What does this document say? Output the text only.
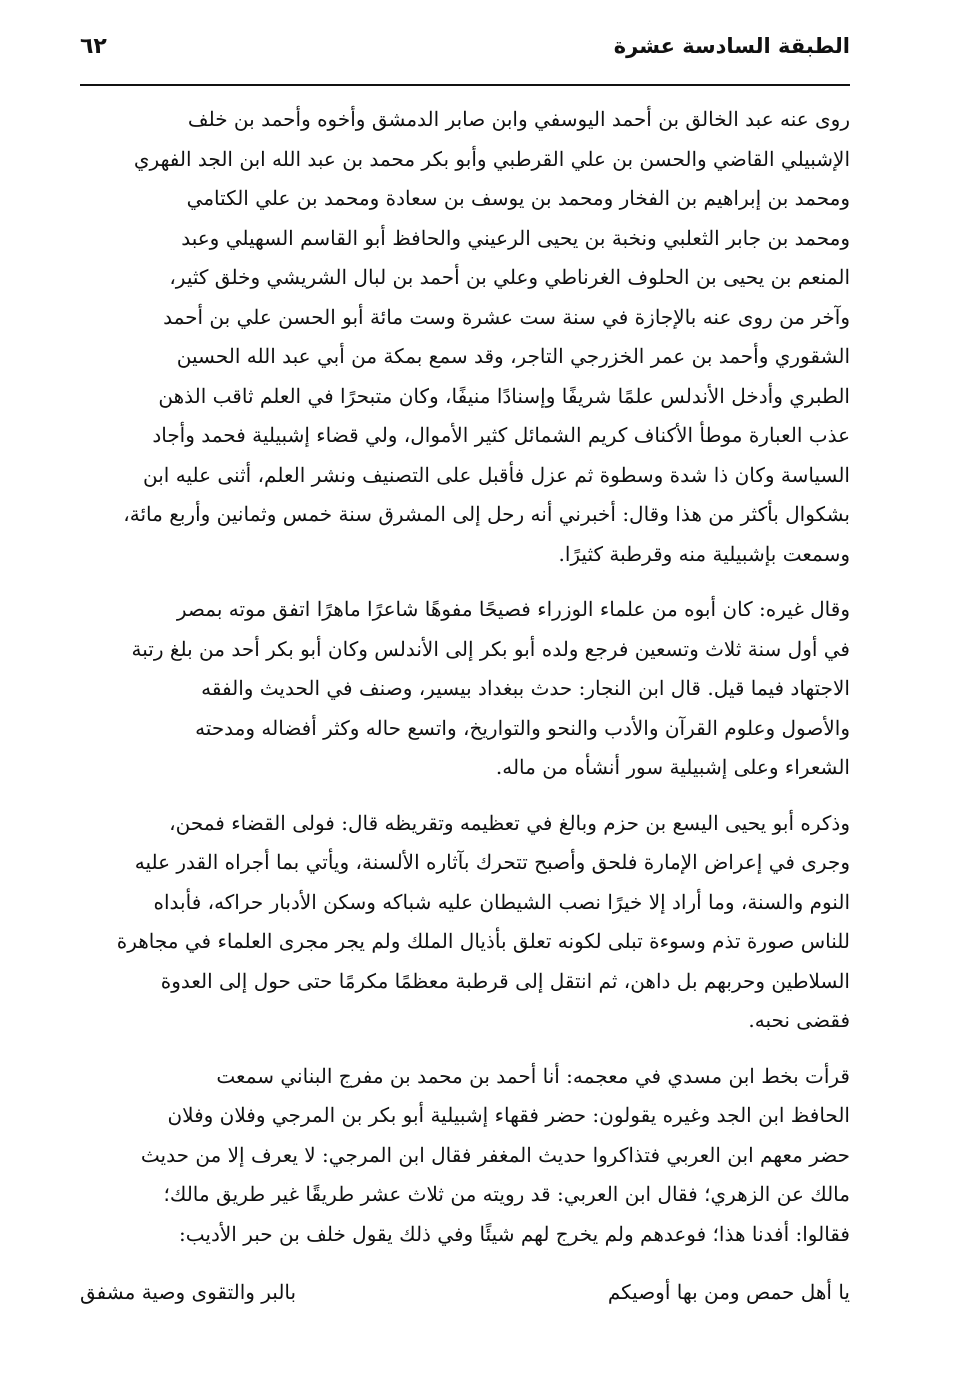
الطبقة السادسة عشرة
٦٢

روى عنه عبد الخالق بن أحمد اليوسفي وابن صابر الدمشق وأخوه وأحمد بن خلف
الإشبيلي القاضي والحسن بن علي القرطبي وأبو بكر محمد بن عبد الله ابن الجد الفهري
ومحمد بن إبراهيم بن الفخار ومحمد بن يوسف بن سعادة ومحمد بن علي الكتامي
ومحمد بن جابر الثعلبي ونخبة بن يحيى الرعيني والحافظ أبو القاسم السهيلي وعبد
المنعم بن يحيى بن الحلوف الغرناطي وعلي بن أحمد بن لبال الشريشي وخلق كثير،
وآخر من روى عنه بالإجازة في سنة ست عشرة وست مائة أبو الحسن علي بن أحمد
الشقوري وأحمد بن عمر الخزرجي التاجر، وقد سمع بمكة من أبي عبد الله الحسين
الطبري وأدخل الأندلس علمًا شريفًا وإسنادًا منيفًا، وكان متبحرًا في العلم ثاقب الذهن
عذب العبارة موطأ الأكناف كريم الشمائل كثير الأموال، ولي قضاء إشبيلية فحمد وأجاد
السياسة وكان ذا شدة وسطوة ثم عزل فأقبل على التصنيف ونشر العلم، أثنى عليه ابن
بشكوال بأكثر من هذا وقال: أخبرني أنه رحل إلى المشرق سنة خمس وثمانين وأربع مائة،
وسمعت بإشبيلية منه وقرطبة كثيرًا.

وقال غيره: كان أبوه من علماء الوزراء فصيحًا مفوهًا شاعرًا ماهرًا اتفق موته بمصر
في أول سنة ثلاث وتسعين فرجع ولده أبو بكر إلى الأندلس وكان أبو بكر أحد من بلغ رتبة
الاجتهاد فيما قيل. قال ابن النجار: حدث ببغداد بيسير، وصنف في الحديث والفقه
والأصول وعلوم القرآن والأدب والنحو والتواريخ، واتسع حاله وكثر أفضاله ومدحته
الشعراء وعلى إشبيلية سور أنشأه من ماله.

وذكره أبو يحيى اليسع بن حزم وبالغ في تعظيمه وتقريظه قال: فولى القضاء فمحن،
وجرى في إعراض الإمارة فلحق وأصبح تتحرك بآثاره الألسنة، ويأتي بما أجراه القدر عليه
النوم والسنة، وما أراد إلا خيرًا نصب الشيطان عليه شباكه وسكن الأدبار حراكه، فأبداه
للناس صورة تذم وسوءة تبلى لكونه تعلق بأذيال الملك ولم يجر مجرى العلماء في مجاهرة
السلاطين وحربهم بل داهن، ثم انتقل إلى قرطبة معظمًا مكرمًا حتى حول إلى العدوة
فقضى نحبه.

قرأت بخط ابن مسدي في معجمه: أنا أحمد بن محمد بن مفرج البناني سمعت
الحافظ ابن الجد وغيره يقولون: حضر فقهاء إشبيلية أبو بكر بن المرجي وفلان وفلان
حضر معهم ابن العربي فتذاكروا حديث المغفر فقال ابن المرجي: لا يعرف إلا من حديث
مالك عن الزهري؛ فقال ابن العربي: قد رويته من ثلاث عشر طريقًا غير طريق مالك؛
فقالوا: أفدنا هذا؛ فوعدهم ولم يخرج لهم شيئًا وفي ذلك يقول خلف بن حبر الأديب:

يا أهل حمص ومن بها أوصيكم
بالبر والتقوى وصية مشفق
